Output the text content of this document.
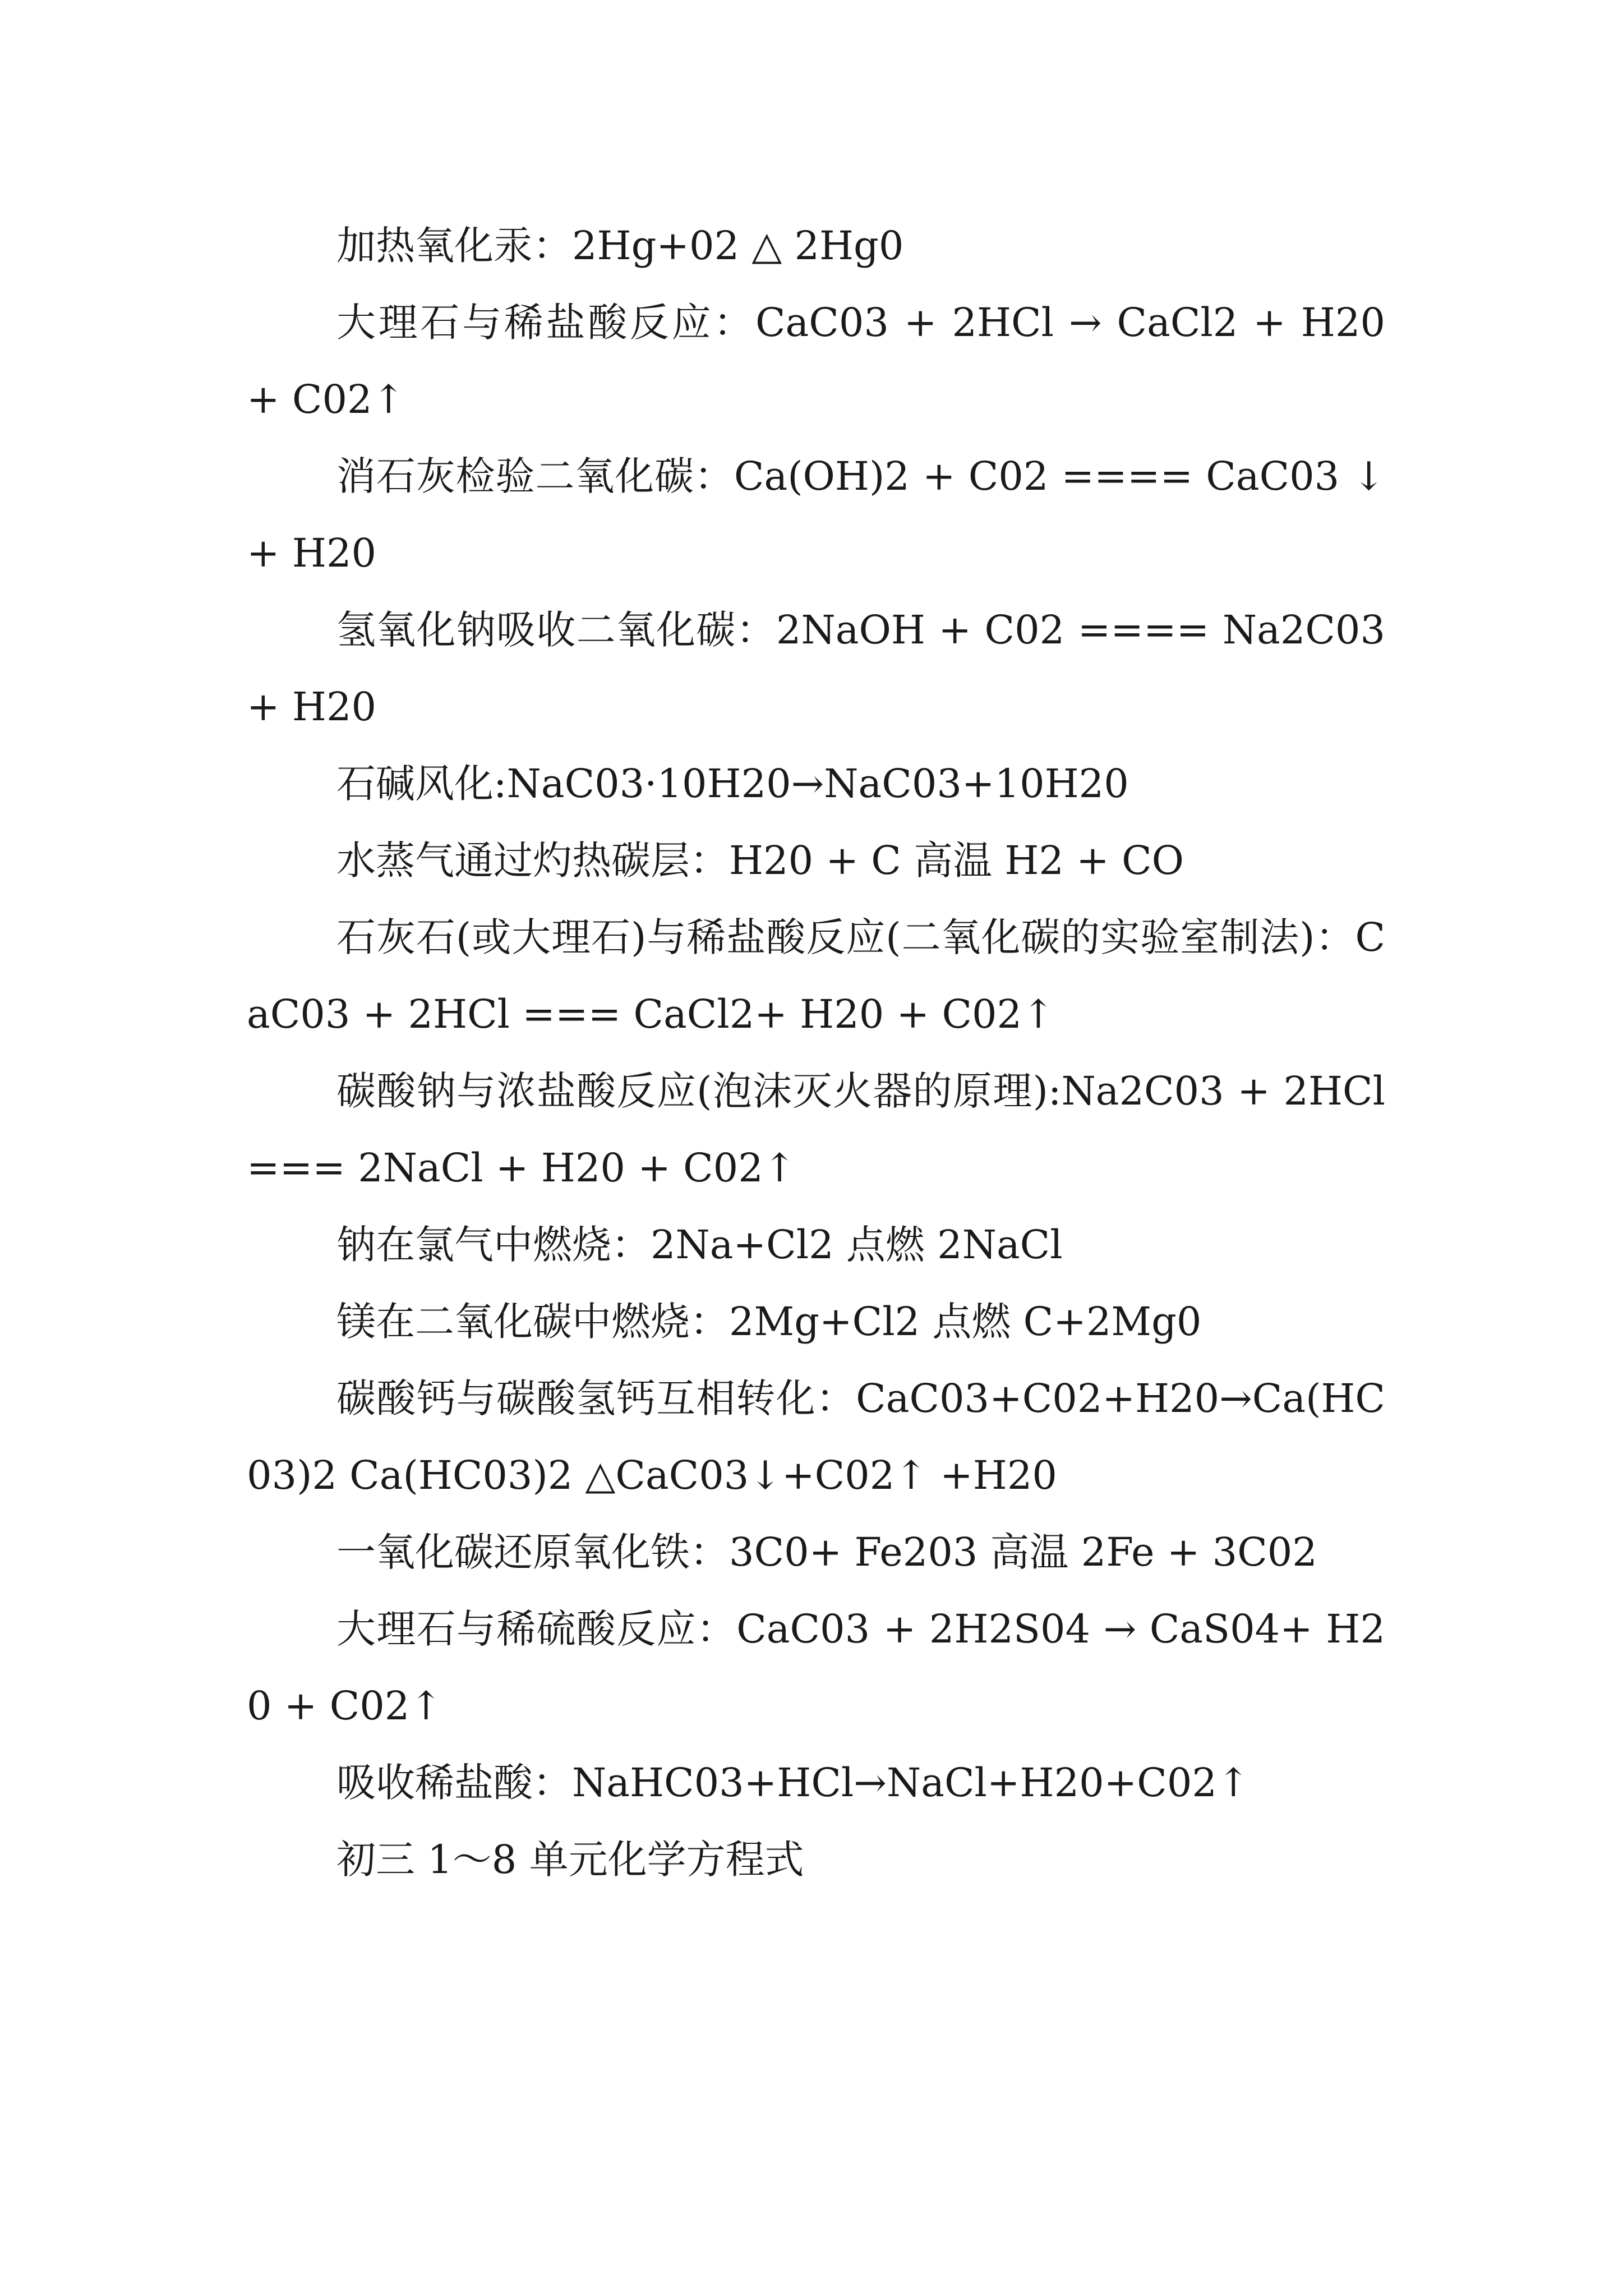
加热氧化汞：2Hg+02 △ 2Hg0

大理石与稀盐酸反应：CaC03 + 2HCl → CaCl2 + H20 + C02↑

消石灰检验二氧化碳：Ca(OH)2 + C02 ==== CaC03 ↓+ H20

氢氧化钠吸收二氧化碳：2NaOH + C02 ==== Na2C03 + H20

石碱风化:NaC03·10H20→NaC03+10H20

水蒸气通过灼热碳层：H20 + C 高温 H2 + CO

石灰石(或大理石)与稀盐酸反应(二氧化碳的实验室制法)：CaC03 + 2HCl === CaCl2+ H20 + C02↑

碳酸钠与浓盐酸反应(泡沫灭火器的原理):Na2C03 + 2HCl === 2NaCl + H20 + C02↑

钠在氯气中燃烧：2Na+Cl2 点燃 2NaCl

镁在二氧化碳中燃烧：2Mg+Cl2 点燃 C+2Mg0

碳酸钙与碳酸氢钙互相转化：CaC03+C02+H20→Ca(HC03)2 Ca(HC03)2 △CaC03↓+C02↑ +H20

一氧化碳还原氧化铁：3C0+ Fe203 高温 2Fe + 3C02

大理石与稀硫酸反应：CaC03 + 2H2S04 → CaS04+ H20 + C02↑

吸收稀盐酸：NaHC03+HCl→NaCl+H20+C02↑

初三 1～8 单元化学方程式
